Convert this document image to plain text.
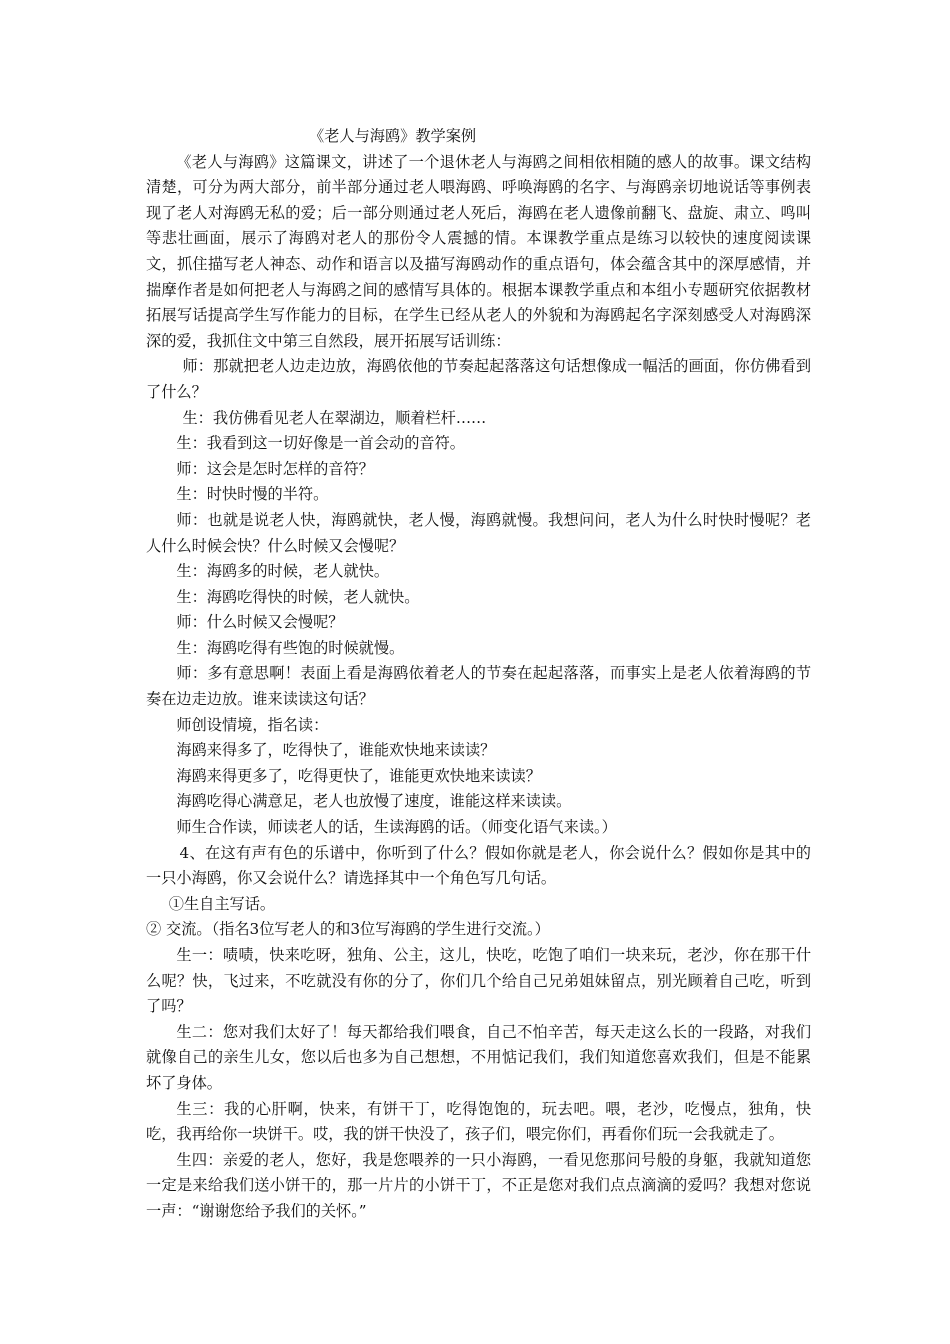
《老人与海鸥》教学案例

《老人与海鸥》这篇课文，讲述了一个退休老人与海鸥之间相依相随的感人的故事。课文结构清楚，可分为两大部分，前半部分通过老人喂海鸥、呼唤海鸥的名字、与海鸥亲切地说话等事例表现了老人对海鸥无私的爱；后一部分则通过老人死后，海鸥在老人遗像前翻飞、盘旋、肃立、鸣叫等悲壮画面，展示了海鸥对老人的那份令人震撼的情。本课教学重点是练习以较快的速度阅读课文，抓住描写老人神态、动作和语言以及描写海鸥动作的重点语句，体会蕴含其中的深厚感情，并揣摩作者是如何把老人与海鸥之间的感情写具体的。根据本课教学重点和本组小专题研究依据教材拓展写话提高学生写作能力的目标，在学生已经从老人的外貌和为海鸥起名字深刻感受人对海鸥深深的爱，我抓住文中第三自然段，展开拓展写话训练：

师：那就把老人边走边放，海鸥依他的节奏起起落落这句话想像成一幅活的画面，你仿佛看到了什么？

生：我仿佛看见老人在翠湖边，顺着栏杆……

生：我看到这一切好像是一首会动的音符。

师：这会是怎时怎样的音符？

生：时快时慢的半符。

师：也就是说老人快，海鸥就快，老人慢，海鸥就慢。我想问问，老人为什么时快时慢呢？老人什么时候会快？什么时候又会慢呢？

生：海鸥多的时候，老人就快。

生：海鸥吃得快的时候，老人就快。

师：什么时候又会慢呢？

生：海鸥吃得有些饱的时候就慢。

师：多有意思啊！表面上看是海鸥依着老人的节奏在起起落落，而事实上是老人依着海鸥的节奏在边走边放。谁来读读这句话？

师创设情境，指名读：

海鸥来得多了，吃得快了，谁能欢快地来读读？

海鸥来得更多了，吃得更快了，谁能更欢快地来读读？

海鸥吃得心满意足，老人也放慢了速度，谁能这样来读读。

师生合作读，师读老人的话，生读海鸥的话。（师变化语气来读。）

4、在这有声有色的乐谱中，你听到了什么？假如你就是老人，你会说什么？假如你是其中的一只小海鸥，你又会说什么？请选择其中一个角色写几句话。

①生自主写话。

② 交流。（指名3位写老人的和3位写海鸥的学生进行交流。）

生一：啧啧，快来吃呀，独角、公主，这儿，快吃，吃饱了咱们一块来玩，老沙，你在那干什么呢？快，飞过来，不吃就没有你的分了，你们几个给自己兄弟姐妹留点，别光顾着自己吃，听到了吗？

生二：您对我们太好了！每天都给我们喂食，自己不怕辛苦，每天走这么长的一段路，对我们就像自己的亲生儿女，您以后也多为自己想想，不用惦记我们，我们知道您喜欢我们，但是不能累坏了身体。

生三：我的心肝啊，快来，有饼干丁，吃得饱饱的，玩去吧。喂，老沙，吃慢点，独角，快吃，我再给你一块饼干。哎，我的饼干快没了，孩子们，喂完你们，再看你们玩一会我就走了。

生四：亲爱的老人，您好，我是您喂养的一只小海鸥，一看见您那问号般的身躯，我就知道您一定是来给我们送小饼干的，那一片片的小饼干丁，不正是您对我们点点滴滴的爱吗？我想对您说一声：“谢谢您给予我们的关怀。”
